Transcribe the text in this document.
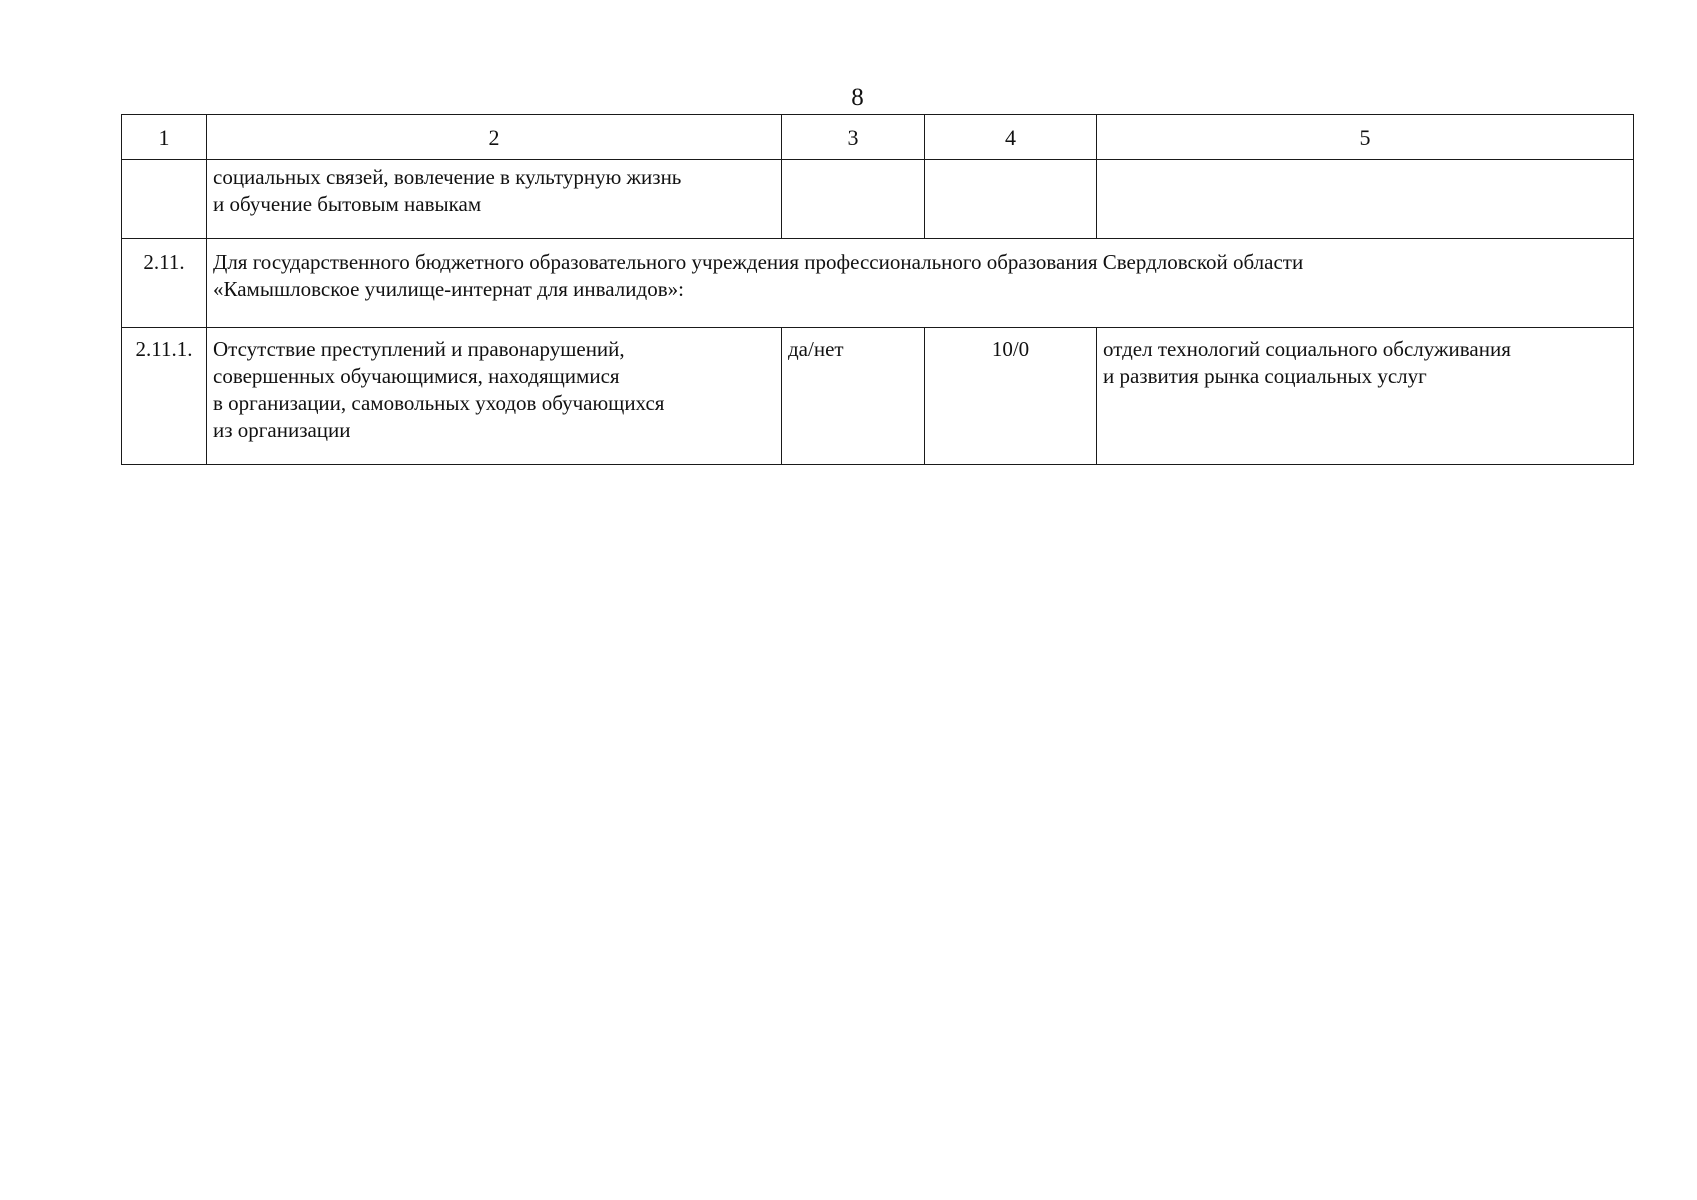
8
1	2	3	4	5

	социальных связей, вовлечение в культурную жизнь
и обучение бытовым навыкам			

2.11.	Для государственного бюджетного образовательного учреждения профессионального образования Свердловской области
«Камышловское училище-интернат для инвалидов»:			

2.11.1.	Отсутствие преступлений и правонарушений,
совершенных обучающимися, находящимися
в организации, самовольных уходов обучающихся
из организации	да/нет	10/0	отдел технологий социального обслуживания
и развития рынка социальных услуг
